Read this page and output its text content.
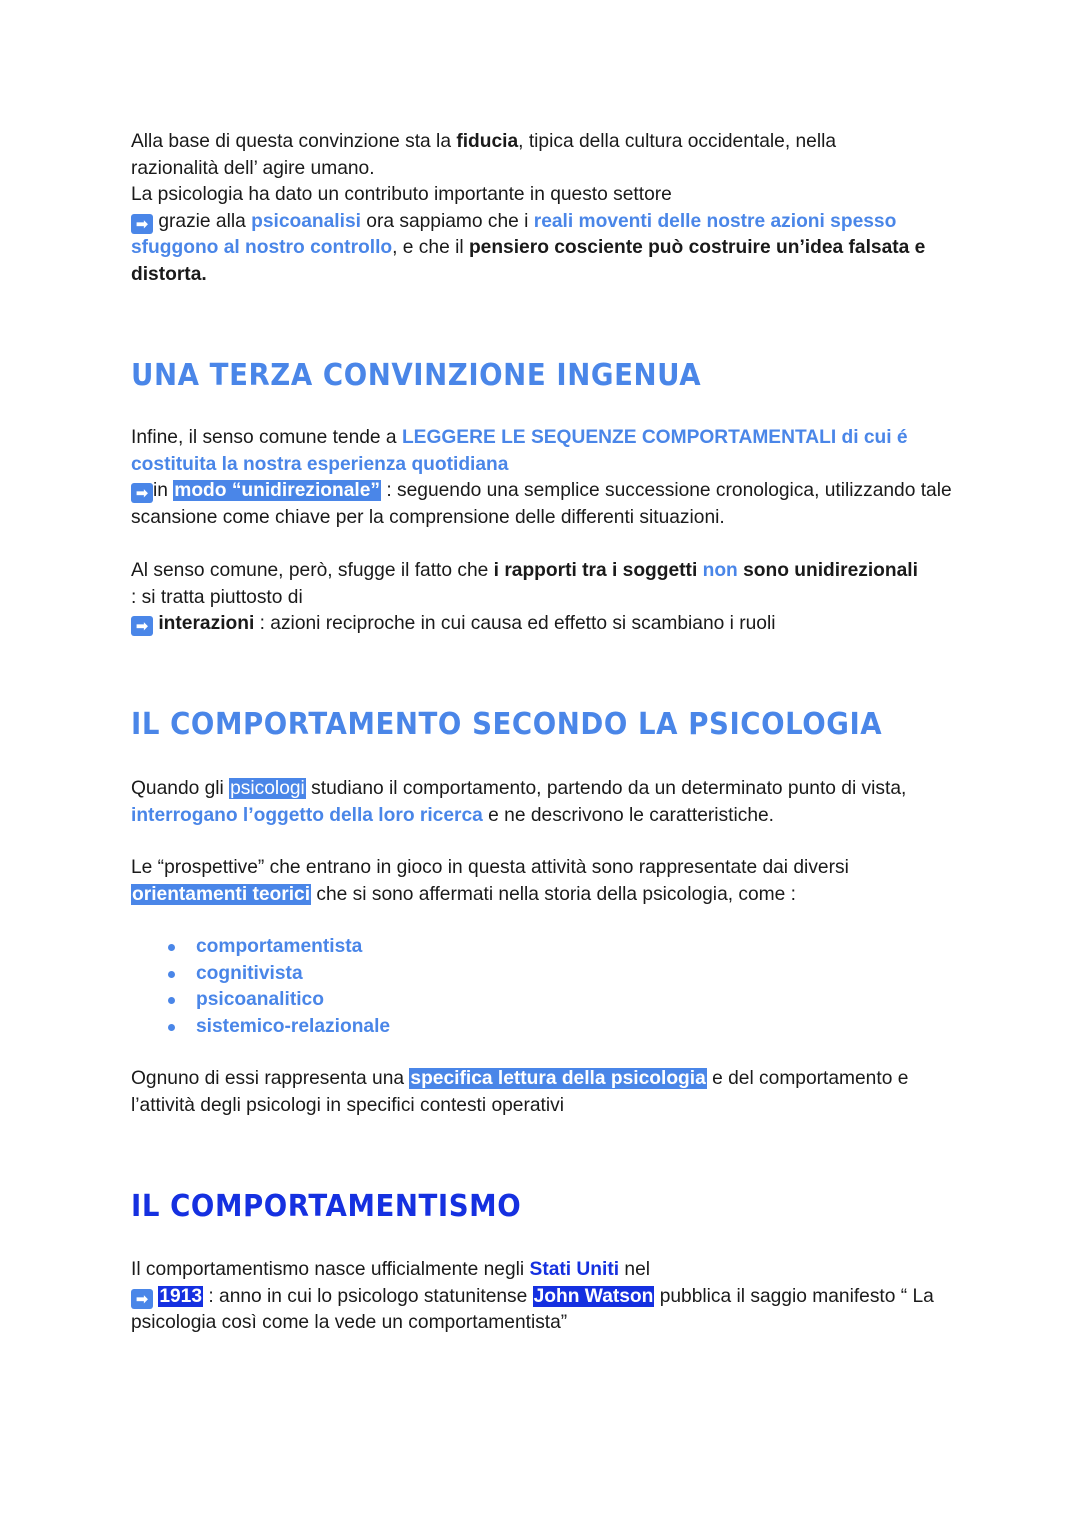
Alla base di questa convinzione sta la fiducia, tipica della cultura occidentale, nella
razionalità dell’ agire umano.
La psicologia ha dato un contributo importante in questo settore
➡ grazie alla psicoanalisi ora sappiamo che i reali moventi delle nostre azioni spesso sfuggono al nostro controllo, e che il pensiero cosciente può costruire un’idea falsata e distorta.
UNA TERZA CONVINZIONE INGENUA
Infine, il senso comune tende a LEGGERE LE SEQUENZE COMPORTAMENTALI di cui é costituita la nostra esperienza quotidiana
➡ in modo “unidirezionale” : seguendo una semplice successione cronologica, utilizzando tale scansione come chiave per la comprensione delle differenti situazioni.
Al senso comune, però, sfugge il fatto che i rapporti tra i soggetti non sono unidirezionali
: si tratta piuttosto di
➡ interazioni : azioni reciproche in cui causa ed effetto si scambiano i ruoli
IL COMPORTAMENTO SECONDO LA PSICOLOGIA
Quando gli psicologi studiano il comportamento, partendo da un determinato punto di vista, interrogano l’oggetto della loro ricerca e ne descrivono le caratteristiche.
Le “prospettive” che entrano in gioco in questa attività sono rappresentate dai diversi orientamenti teorici che si sono affermati nella storia della psicologia, come :
comportamentista
cognitivista
psicoanalitico
sistemico-relazionale
Ognuno di essi rappresenta una specifica lettura della psicologia e del comportamento e l’attività degli psicologi in specifici contesti operativi
IL COMPORTAMENTISMO
Il comportamentismo nasce ufficialmente negli Stati Uniti nel
➡ 1913 : anno in cui lo psicologo statunitense John Watson pubblica il saggio manifesto “ La psicologia così come la vede un comportamentista”
